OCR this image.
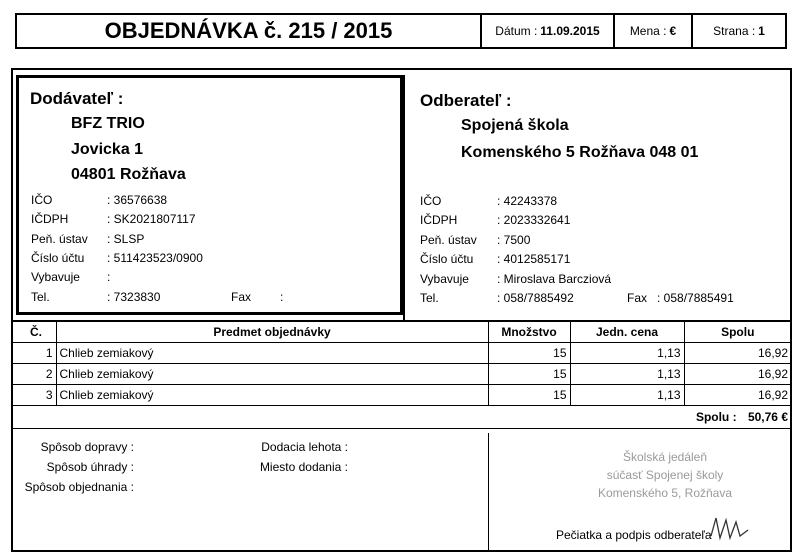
OBJEDNÁVKA č. 215 / 2015	Dátum : 11.09.2015	Mena : €	Strana : 1
Dodávateľ :
BFZ TRIO
Jovicka 1
04801 Rožňava
IČO	: 36576638
IČDPH	: SK2021807117
Peň. ústav : SLSP
Číslo účtu : 511423523/0900
Vybavuje :
Tel.	: 7323830	Fax :
Odberateľ :
Spojená škola
Komenského 5 Rožňava 048 01
IČO	: 42243378
IČDPH	: 2023332641
Peň. ústav : 7500
Číslo účtu : 4012585171
Vybavuje : Miroslava Barcziová
Tel.	: 058/7885492	Fax : 058/7885491
Č.	Predmet objednávky	Množstvo	Jedn. cena	Spolu
1	Chlieb zemiakový	15	1,13	16,92
2	Chlieb zemiakový	15	1,13	16,92
3	Chlieb zemiakový	15	1,13	16,92
Spolu : 50,76 €				
Spôsob dopravy :
Spôsob úhrady :
Spôsob objednania :
Dodacia lehota :
Miesto dodania :
Školská jedáleň
súčasť Spojenej školy
Komenského 5, Rožňava
Pečiatka a podpis odberateľa
